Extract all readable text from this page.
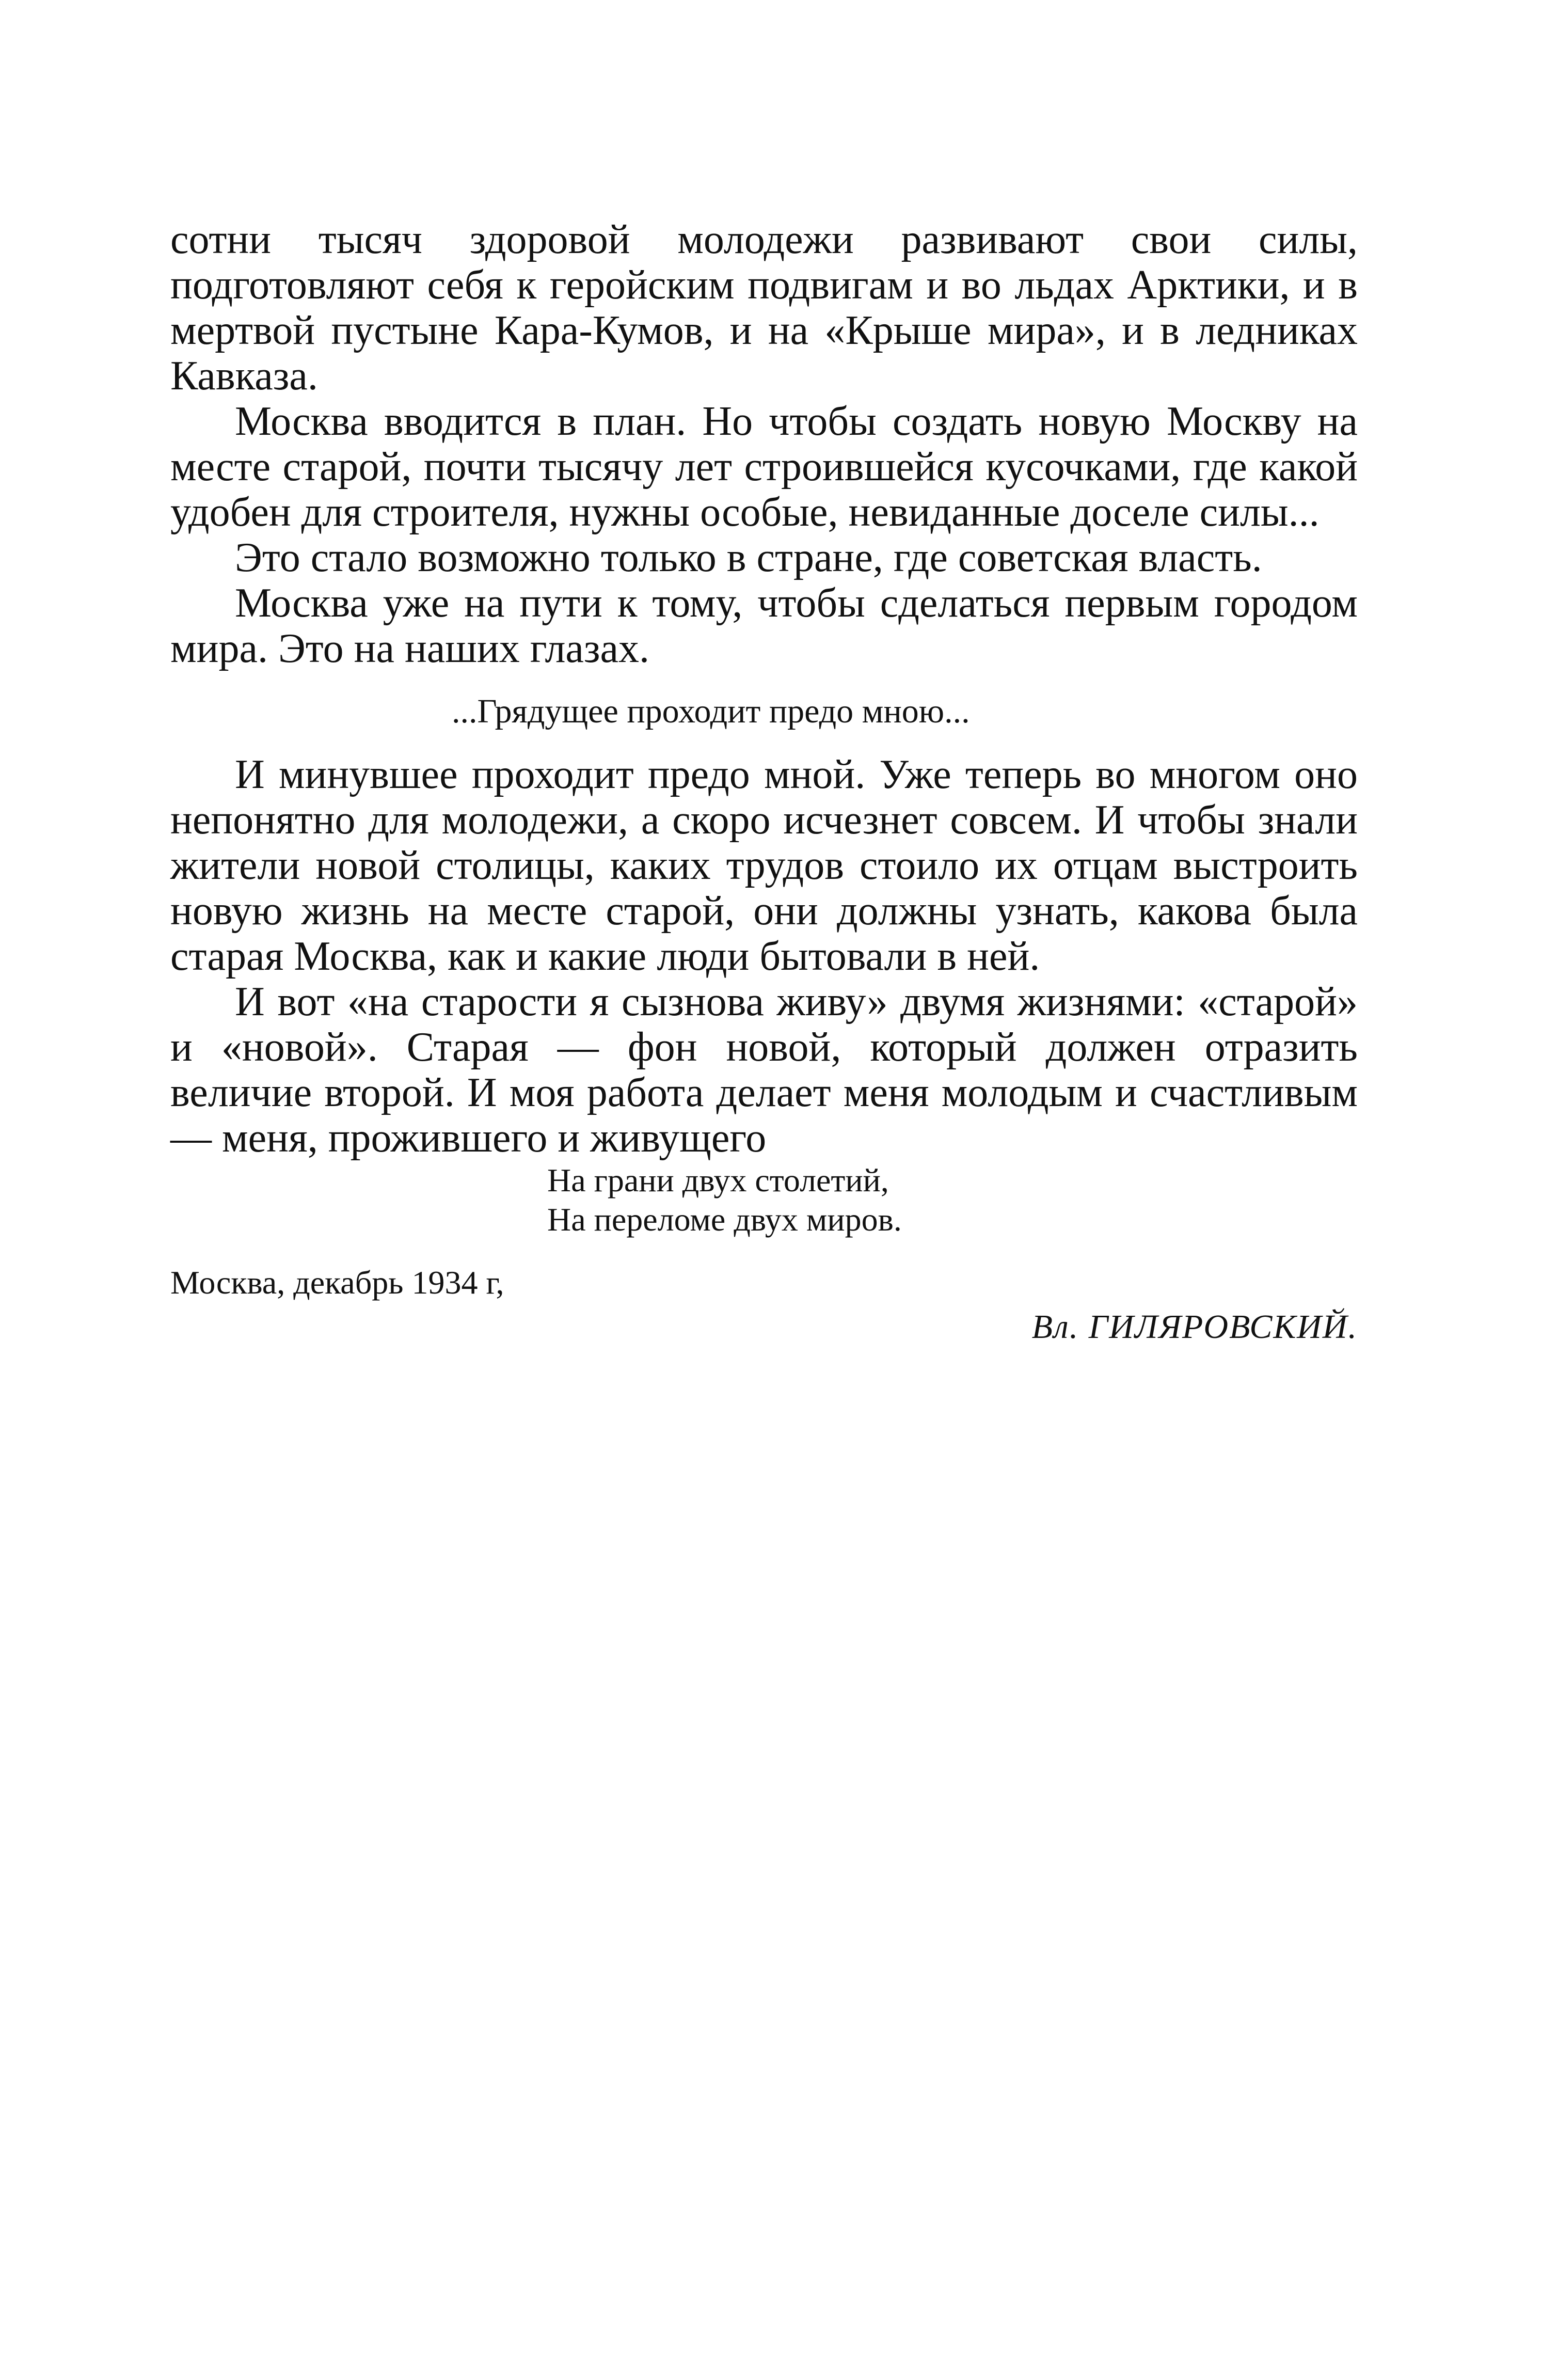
сотни тысяч здоровой молодежи развивают свои силы, подготовляют себя к геройским подвигам и во льдах Арктики, и в мертвой пустыне Кара-Кумов, и на «Крыше мира», и в ледниках Кавказа.

Москва вводится в план. Но чтобы создать новую Москву на месте старой, почти тысячу лет строившейся кусочками, где какой удобен для строителя, нужны особые, невиданные доселе силы...

Это стало возможно только в стране, где советская власть.

Москва уже на пути к тому, чтобы сделаться первым городом мира. Это на наших глазах.

...Грядущее проходит предо мною...

И минувшее проходит предо мной. Уже теперь во многом оно непонятно для молодежи, а скоро исчезнет совсем. И чтобы знали жители новой столицы, каких трудов стоило их отцам выстроить новую жизнь на месте старой, они должны узнать, какова была старая Москва, как и какие люди бытовали в ней.

И вот «на старости я сызнова живу» двумя жизнями: «старой» и «новой». Старая — фон новой, который должен отразить величие второй. И моя работа делает меня молодым и счастливым — меня, прожившего и живущего

На грани двух столетий,
На переломе двух миров.
Москва, декабрь 1934 г,
Вл. ГИЛЯРОВСКИЙ.
